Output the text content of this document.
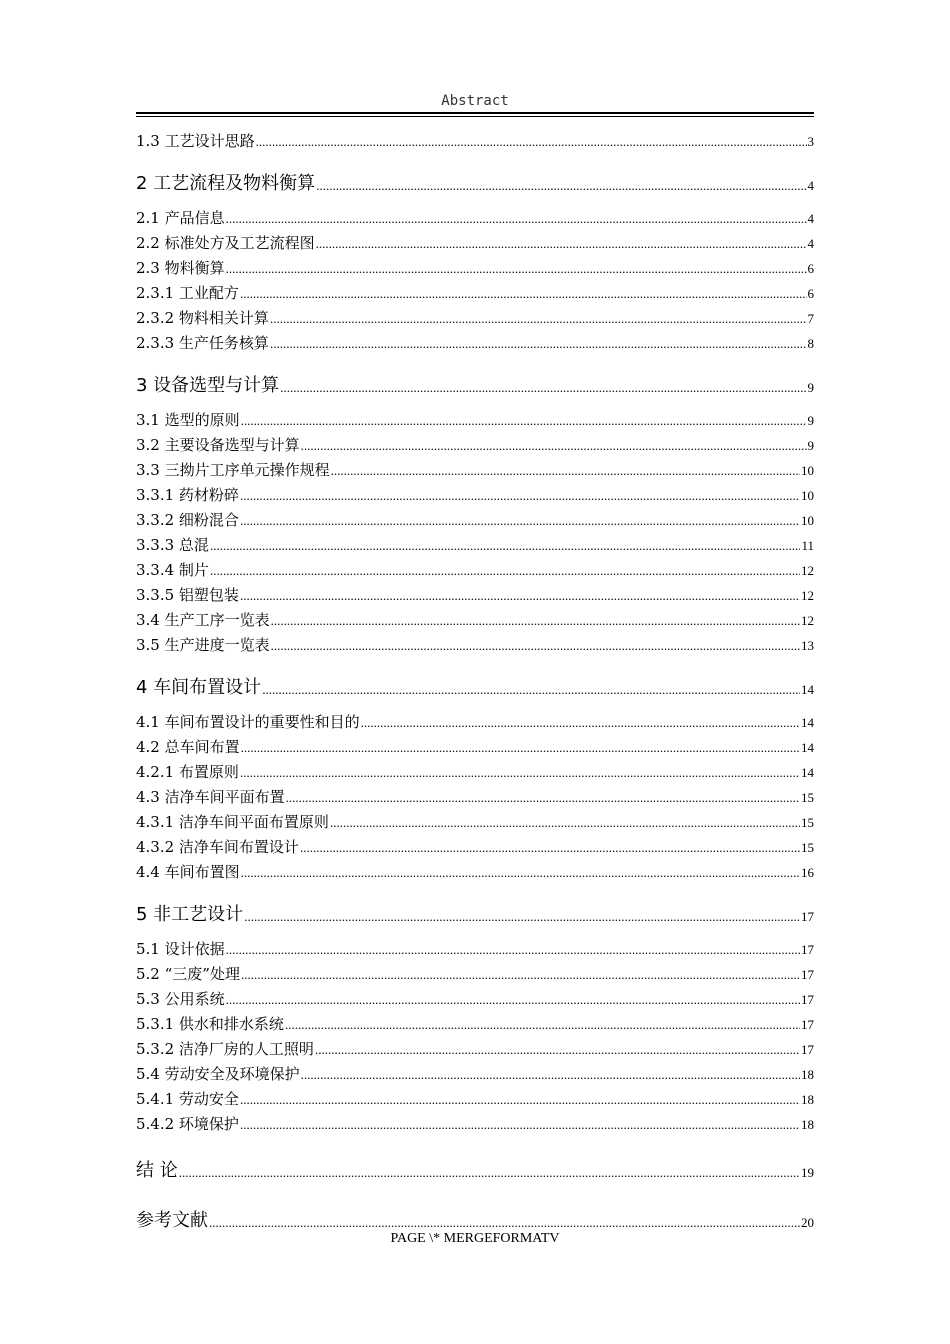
Abstract
1.3 工艺设计思路 .....	3
2 工艺流程及物料衡算 .....	4
2.1 产品信息 .....	4
2.2 标准处方及工艺流程图 .....	4
2.3 物料衡算 .....	6
2.3.1 工业配方 .....	6
2.3.2 物料相关计算 .....	7
2.3.3 生产任务核算 .....	8
3 设备选型与计算 .....	9
3.1 选型的原则 .....	9
3.2 主要设备选型与计算 .....	9
3.3 三拗片工序单元操作规程 .....	10
3.3.1 药材粉碎 .....	10
3.3.2 细粉混合 .....	10
3.3.3 总混 .....	11
3.3.4 制片 .....	12
3.3.5 铝塑包装 .....	12
3.4 生产工序一览表 .....	12
3.5 生产进度一览表 .....	13
4 车间布置设计 .....	14
4.1 车间布置设计的重要性和目的 .....	14
4.2 总车间布置 .....	14
4.2.1 布置原则 .....	14
4.3 洁净车间平面布置 .....	15
4.3.1 洁净车间平面布置原则 .....	15
4.3.2 洁净车间布置设计 .....	15
4.4 车间布置图 .....	16
5 非工艺设计 .....	17
5.1 设计依据 .....	17
5.2 “三废”处理 .....	17
5.3 公用系统 .....	17
5.3.1 供水和排水系统 .....	17
5.3.2 洁净厂房的人工照明 .....	17
5.4 劳动安全及环境保护 .....	18
5.4.1 劳动安全 .....	18
5.4.2 环境保护 .....	18
结 论 .....	19
参考文献 .....	20
PAGE \* MERGEFORMATV
